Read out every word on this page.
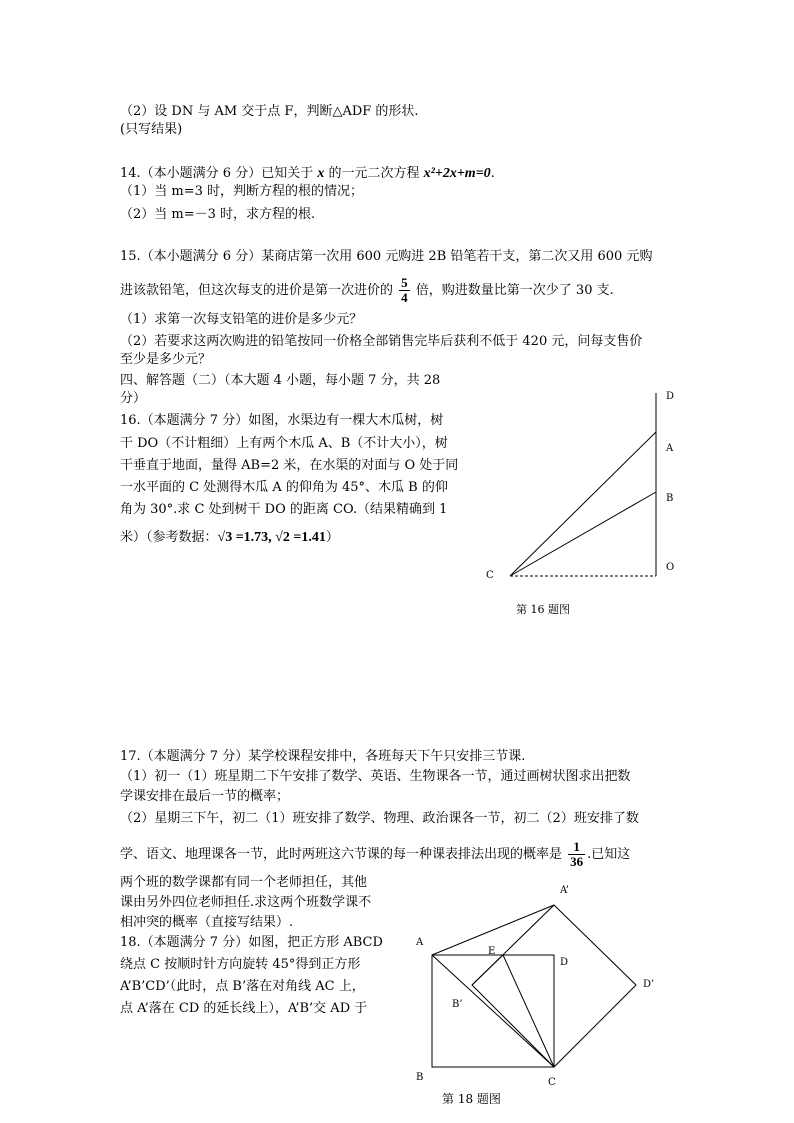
（2）设 DN 与 AM 交于点 F，判断△ADF 的形状.
(只写结果)
14.（本小题满分 6 分）已知关于 x 的一元二次方程 x²+2x+m=0.
（1）当 m=3 时，判断方程的根的情况；
（2）当 m=－3 时，求方程的根.
15.（本小题满分 6 分）某商店第一次用 600 元购进 2B 铅笔若干支，第二次又用 600 元购
进该款铅笔，但这次每支的进价是第一次进价的 $\frac{5}{4}$ 倍，购进数量比第一次少了 30 支.
（1）求第一次每支铅笔的进价是多少元？
（2）若要求这两次购进的铅笔按同一价格全部销售完毕后获利不低于 420 元，问每支售价
至少是多少元？
四、解答题（二）（本大题 4 小题，每小题 7 分，共 28
分）
16.（本题满分 7 分）如图，水渠边有一棵大木瓜树，树
干 DO（不计粗细）上有两个木瓜 A、B（不计大小），树
干垂直于地面，量得 AB=2 米，在水渠的对面与 O 处于同
一水平面的 C 处测得木瓜 A 的仰角为 45°、木瓜 B 的仰
角为 30°.求 C 处到树干 DO 的距离 CO.（结果精确到 1
米）（参考数据：√3 =1.73, √2 =1.41）
D
A
B
O
C
第 16 题图
17.（本题满分 7 分）某学校课程安排中，各班每天下午只安排三节课.
（1）初一（1）班星期二下午安排了数学、英语、生物课各一节，通过画树状图求出把数
学课安排在最后一节的概率；
（2）星期三下午，初二（1）班安排了数学、物理、政治课各一节，初二（2）班安排了数
学、语文、地理课各一节，此时两班这六节课的每一种课表排法出现的概率是 $\frac{1}{36}$ .已知这
两个班的数学课都有同一个老师担任，其他
课由另外四位老师担任.求这两个班数学课不
相冲突的概率（直接写结果）.
18.（本题满分 7 分）如图，把正方形 ABCD
绕点 C 按顺时针方向旋转 45°得到正方形
A’B’CD’（此时，点 B’落在对角线 AC 上，
点 A’落在 CD 的延长线上），A’B’交 AD 于
A
A’
E
D
D’
B’
B	C
第 18 题图
